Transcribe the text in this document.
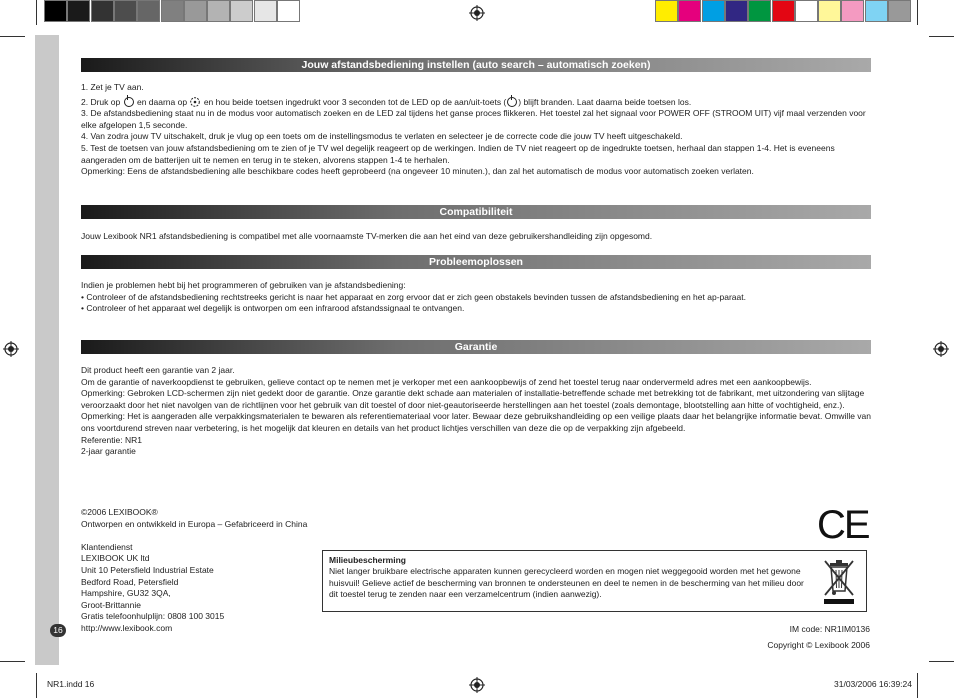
16
Jouw afstandsbediening instellen (auto search – automatisch zoeken)

1. Zet je TV aan.

2. Druk op en daarna op en hou beide toetsen ingedrukt voor 3 seconden tot de LED op de aan/uit-toets ( ) blijft branden. Laat daarna beide toetsen los.

3. De afstandsbediening staat nu in de modus voor automatisch zoeken en de LED zal tijdens het ganse proces flikkeren. Het toestel zal het signaal voor POWER OFF (STROOM UIT) vijf maal verzenden voor elke afgelopen 1,5 seconde.

4. Van zodra jouw TV uitschakelt, druk je vlug op een toets om de instellingsmodus te verlaten en selecteer je de correcte code die jouw TV heeft uitgeschakeld.

5. Test de toetsen van jouw afstandsbediening om te zien of je TV wel degelijk reageert op de werkingen. Indien de TV niet reageert op de ingedrukte toetsen, herhaal dan stappen 1-4. Het is eveneens aangeraden om de batterijen uit te nemen en terug in te steken, alvorens stappen 1-4 te herhalen.

Opmerking: Eens de afstandsbediening alle beschikbare codes heeft geprobeerd (na ongeveer 10 minuten.), dan zal het automatisch de modus voor automatisch zoeken verlaten.

Compatibiliteit
Jouw Lexibook NR1 afstandsbediening is compatibel met alle voornaamste TV-merken die aan het eind van deze gebruikershandleiding zijn opgesomd.
Probleemoplossen

Indien je problemen hebt bij het programmeren of gebruiken van je afstandsbediening:

• Controleer of de afstandsbediening rechtstreeks gericht is naar het apparaat en zorg ervoor dat er zich geen obstakels bevinden tussen de afstandsbediening en het ap-paraat.

• Controleer of het apparaat wel degelijk is ontworpen om een infrarood afstandssignaal te ontvangen.

Garantie

Dit product heeft een garantie van 2 jaar.

Om de garantie of naverkoopdienst te gebruiken, gelieve contact op te nemen met je verkoper met een aankoopbewijs of zend het toestel terug naar ondervermeld adres met een aankoopbewijs.

Opmerking: Gebroken LCD-schermen zijn niet gedekt door de garantie. Onze garantie dekt schade aan materialen of installatie-betreffende schade met betrekking tot de fabrikant, met uitzondering van slijtage veroorzaakt door het niet navolgen van de richtlijnen voor het gebruik van dit toestel of door niet-geautoriseerde herstellingen aan het toestel (zoals demontage, blootstelling aan hitte of vochtigheid, enz.).

Opmerking: Het is aangeraden alle verpakkingsmaterialen te bewaren als referentiemateriaal voor later. Bewaar deze gebruikshandleiding op een veilige plaats daar het belangrijke informatie bevat. Omwille van ons voortdurend streven naar verbetering, is het mogelijk dat kleuren en details van het product lichtjes verschillen van deze die op de verpakking zijn afgebeeld.

Referentie: NR1

2-jaar garantie

©2006 LEXIBOOK®

Ontworpen en ontwikkeld in Europa – Gefabriceerd in China

Klantendienst

LEXIBOOK UK ltd

Unit 10 Petersfield Industrial Estate

Bedford Road, Petersfield

Hampshire, GU32 3QA,

Groot-Brittannie

Gratis telefoonhulplijn: 0808 100 3015

http://www.lexibook.com

CE
Milieubescherming
Niet langer bruikbare electrische apparaten kunnen gerecycleerd worden en mogen niet weggegooid worden met het gewone huisvuil! Gelieve actief de bescherming van bronnen te ondersteunen en deel te nemen in de bescherming van het milieu door dit toestel terug te zenden naar een verzamelcentrum (indien aanwezig).
IM code: NR1IM0136
Copyright © Lexibook 2006
NR1.indd 16	31/03/2006 16:39:24
